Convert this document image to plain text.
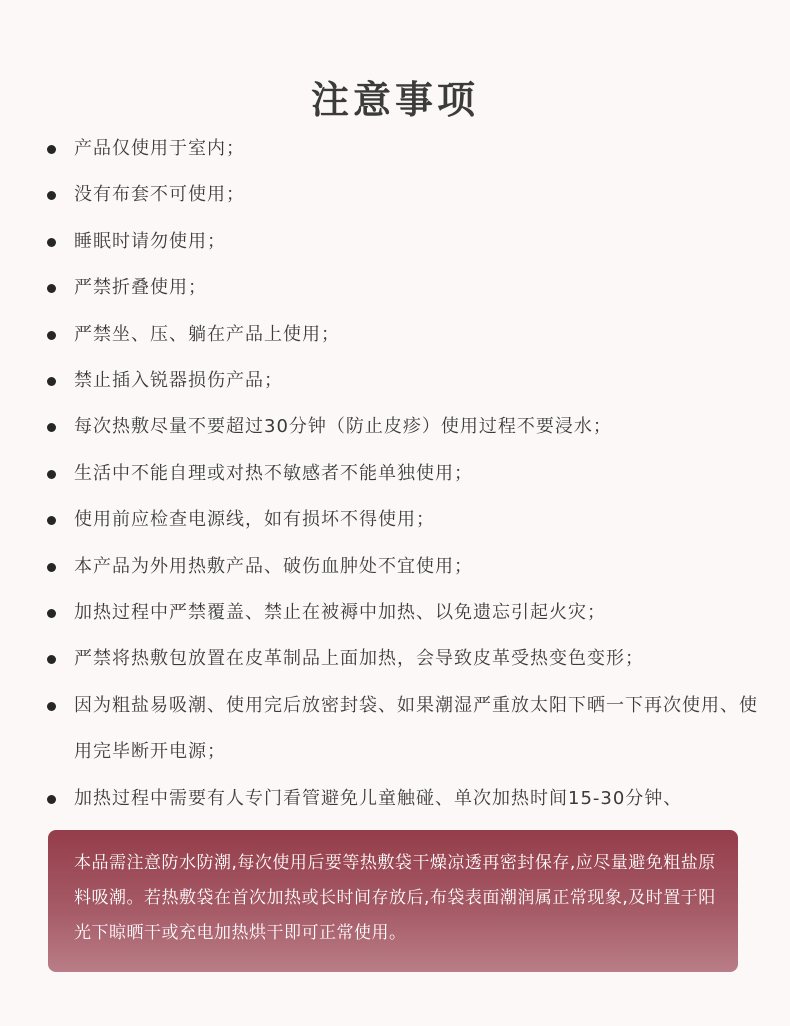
注意事项
产品仅使用于室内；
没有布套不可使用；
睡眠时请勿使用；
严禁折叠使用；
严禁坐、压、躺在产品上使用；
禁止插入锐器损伤产品；
每次热敷尽量不要超过30分钟（防止皮疹）使用过程不要浸水；
生活中不能自理或对热不敏感者不能单独使用；
使用前应检查电源线，如有损坏不得使用；
本产品为外用热敷产品、破伤血肿处不宜使用；
加热过程中严禁覆盖、禁止在被褥中加热、以免遗忘引起火灾；
严禁将热敷包放置在皮革制品上面加热，会导致皮革受热变色变形；
因为粗盐易吸潮、使用完后放密封袋、如果潮湿严重放太阳下晒一下再次使用、使用完毕断开电源；
加热过程中需要有人专门看管避免儿童触碰、单次加热时间15-30分钟、

本品需注意防水防潮,每次使用后要等热敷袋干燥凉透再密封保存,应尽量避免粗盐原料吸潮。若热敷袋在首次加热或长时间存放后,布袋表面潮润属正常现象,及时置于阳光下晾晒干或充电加热烘干即可正常使用。
